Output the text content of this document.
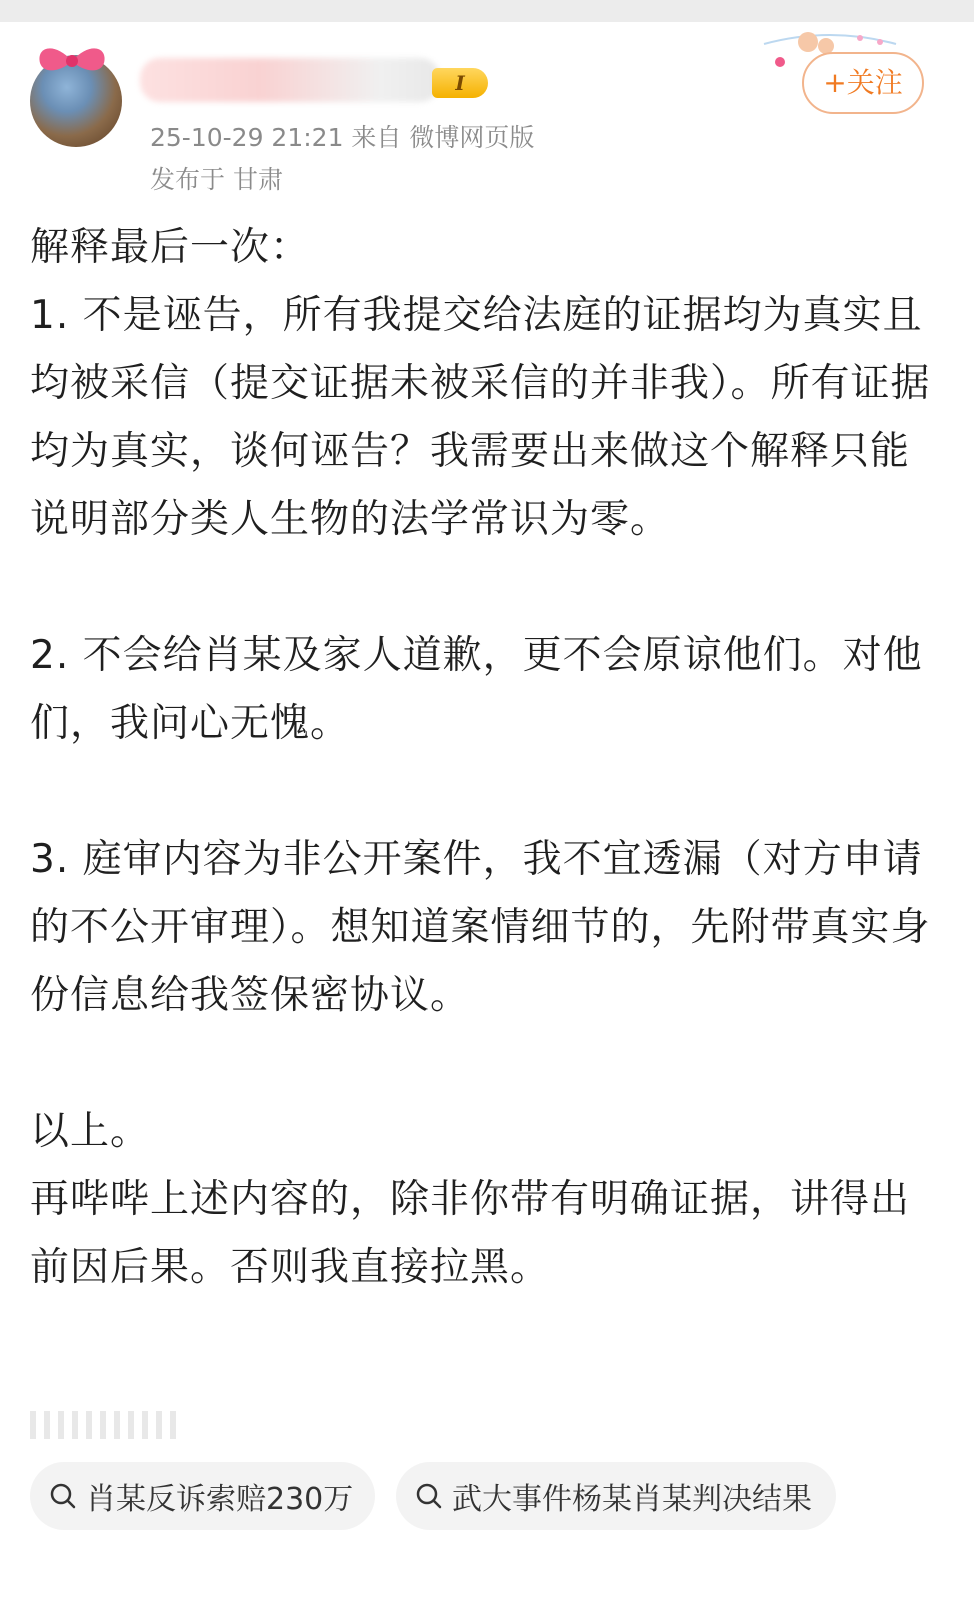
I
25-10-29 21:21 来自 微博网页版
发布于 甘肃
+关注

解释最后一次：

1. 不是诬告，所有我提交给法庭的证据均为真实且均被采信（提交证据未被采信的并非我）。所有证据均为真实，谈何诬告？我需要出来做这个解释只能说明部分类人生物的法学常识为零。

2. 不会给肖某及家人道歉，更不会原谅他们。对他们，我问心无愧。

3. 庭审内容为非公开案件，我不宜透漏（对方申请的不公开审理）。想知道案情细节的，先附带真实身份信息给我签保密协议。

以上。

再哔哔上述内容的，除非你带有明确证据，讲得出前因后果。否则我直接拉黑。

肖某反诉索赔230万	武大事件杨某肖某判决结果
